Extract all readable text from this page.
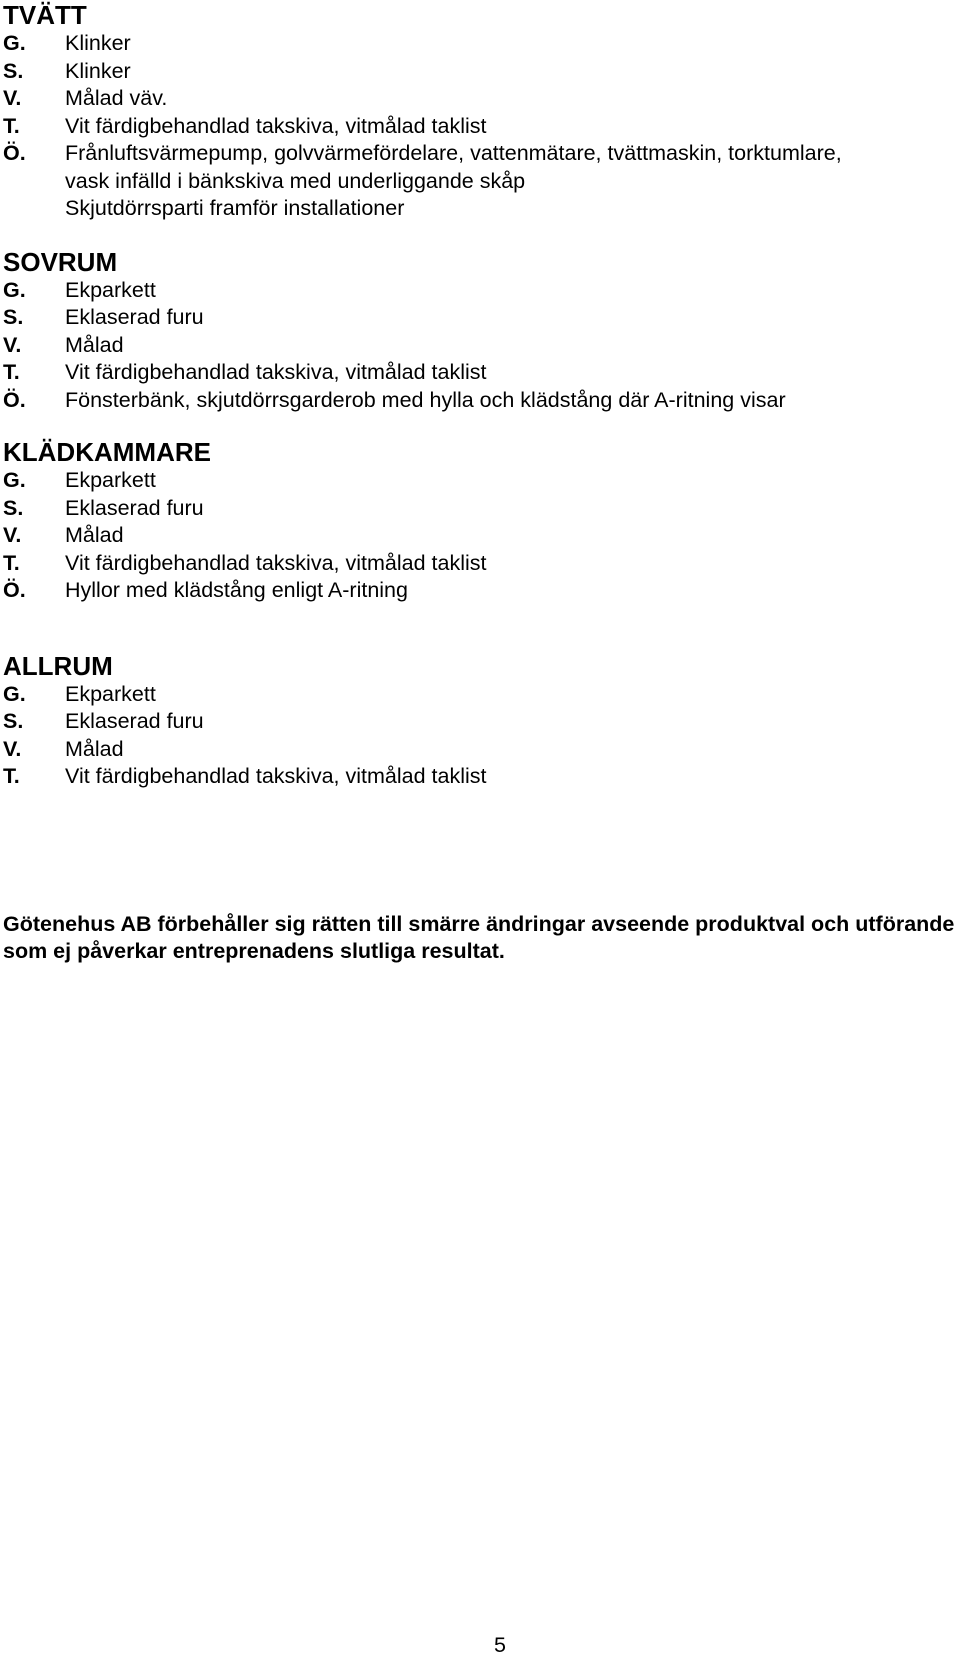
TVÄTT
G.	Klinker
S.	Klinker
V.	Målad väv.
T.	Vit färdigbehandlad takskiva, vitmålad taklist
Ö.	Frånluftsvärmepump, golvvärmefördelare, vattenmätare, tvättmaskin, torktumlare,
vask infälld i bänkskiva med underliggande skåp
Skjutdörrsparti framför installationer
SOVRUM
G.	Ekparkett
S.	Eklaserad furu
V.	Målad
T.	Vit färdigbehandlad takskiva, vitmålad taklist
Ö.	Fönsterbänk, skjutdörrsgarderob med hylla och klädstång där A-ritning visar
KLÄDKAMMARE
G.	Ekparkett
S.	Eklaserad furu
V.	Målad
T.	Vit färdigbehandlad takskiva, vitmålad taklist
Ö.	Hyllor med klädstång enligt A-ritning
ALLRUM
G.	Ekparkett
S.	Eklaserad furu
V.	Målad
T.	Vit färdigbehandlad takskiva, vitmålad taklist

Götenehus AB förbehåller sig rätten till smärre ändringar avseende produktval och utförande som ej påverkar entreprenadens slutliga resultat.

5
